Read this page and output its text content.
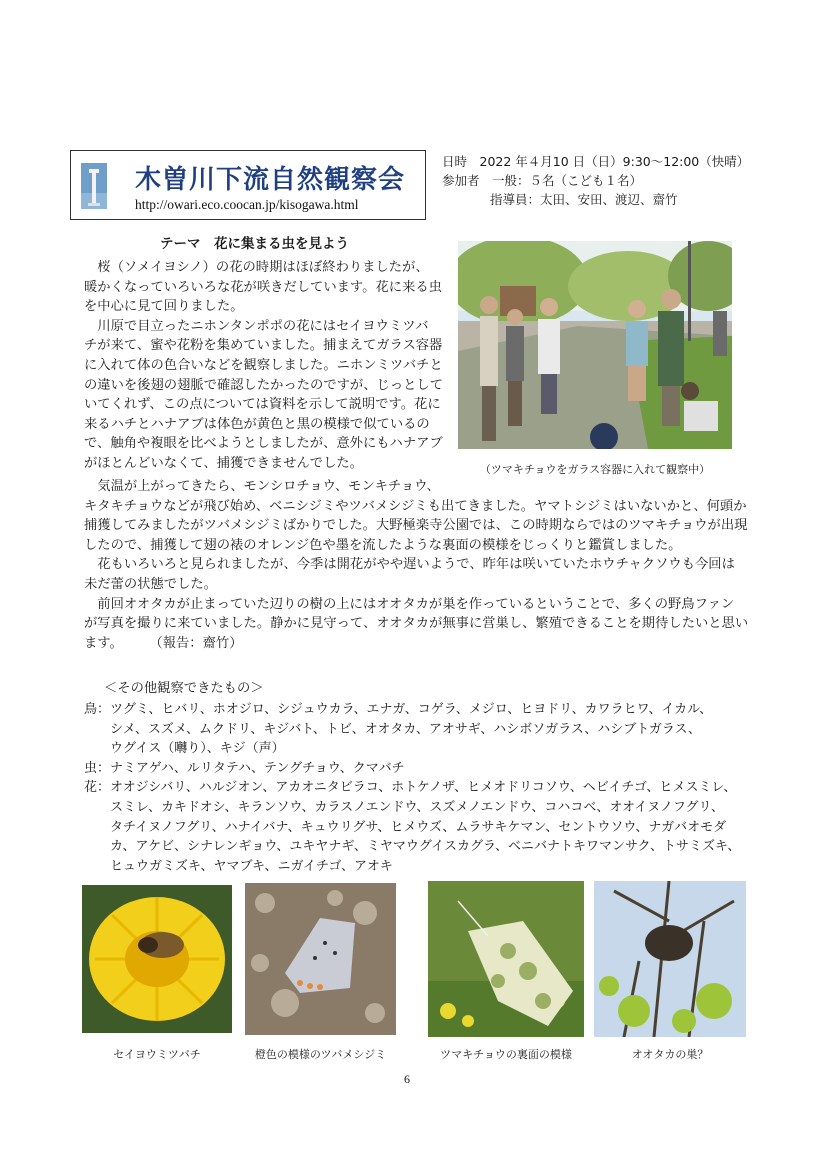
木曽川下流自然観察会
http://owari.eco.coocan.jp/kisogawa.html
日時　2022 年４月10 日（日）9:30～12:00（快晴）
参加者　一般：５名（こども１名）
指導員：太田、安田、渡辺、齋竹
テーマ　花に集まる虫を見よう
　桜（ソメイヨシノ）の花の時期はほぼ終わりましたが、
暖かくなっていろいろな花が咲きだしています。花に来る虫
を中心に見て回りました。
　川原で目立ったニホンタンポポの花にはセイヨウミツバ
チが来て、蜜や花粉を集めていました。捕まえてガラス容器
に入れて体の色合いなどを観察しました。ニホンミツバチと
の違いを後翅の翅脈で確認したかったのですが、じっとして
いてくれず、この点については資料を示して説明です。花に
来るハチとハナアブは体色が黄色と黒の模様で似ているの
で、触角や複眼を比べようとしましたが、意外にもハナアブ
がほとんどいなくて、捕獲できませんでした。	（ツマキチョウをガラス容器に入れて観察中）
　気温が上がってきたら、モンシロチョウ、モンキチョウ、
キタキチョウなどが飛び始め、ベニシジミやツバメシジミも出てきました。ヤマトシジミはいないかと、何頭か
捕獲してみましたがツバメシジミばかりでした。大野極楽寺公園では、この時期ならではのツマキチョウが出現
したので、捕獲して翅の裱のオレンジ色や墨を流したような裏面の模様をじっくりと鑑賞しました。
　花もいろいろと見られましたが、今季は開花がやや遅いようで、昨年は咲いていたホウチャクソウも今回は
未だ蕾の状態でした。
　前回オオタカが止まっていた辺りの樹の上にはオオタカが巣を作っているということで、多くの野鳥ファン
が写真を撮りに来ていました。静かに見守って、オオタカが無事に営巣し、繁殖できることを期待したいと思い
ます。　　　（報告：齋竹）
＜その他観察できたもの＞
鳥：ツグミ、ヒバリ、ホオジロ、シジュウカラ、エナガ、コゲラ、メジロ、ヒヨドリ、カワラヒワ、イカル、
　　シメ、スズメ、ムクドリ、キジバト、トビ、オオタカ、アオサギ、ハシボソガラス、ハシブトガラス、
　　ウグイス（囀り）、キジ（声）
虫：ナミアゲハ、ルリタテハ、テングチョウ、クマバチ
花：オオジシバリ、ハルジオン、アカオニタビラコ、ホトケノザ、ヒメオドリコソウ、ヘビイチゴ、ヒメスミレ、
　　スミレ、カキドオシ、キランソウ、カラスノエンドウ、スズメノエンドウ、コハコベ、オオイヌノフグリ、
　　タチイヌノフグリ、ハナイバナ、キュウリグサ、ヒメウズ、ムラサキケマン、セントウソウ、ナガバオモダ
　　カ、アケビ、シナレンギョウ、ユキヤナギ、ミヤマウグイスカグラ、ベニバナトキワマンサク、トサミズキ、
　　ヒュウガミズキ、ヤマブキ、ニガイチゴ、アオキ
セイヨウミツバチ	橙色の模様のツバメシジミ	ツマキチョウの裏面の模様	オオタカの巣？
6
